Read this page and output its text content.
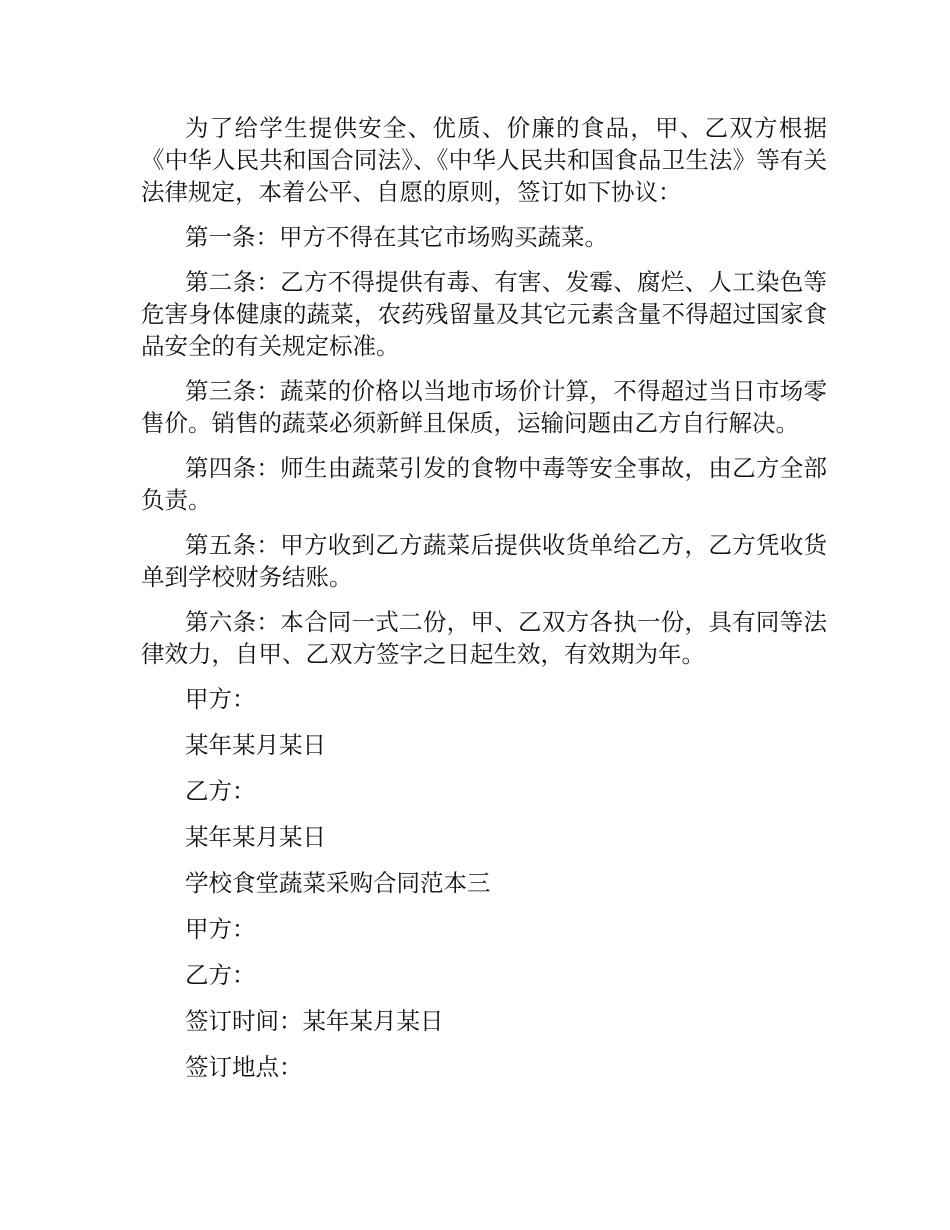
为了给学生提供安全、优质、价廉的食品，甲、乙双方根据《中华人民共和国合同法》、《中华人民共和国食品卫生法》等有关法律规定，本着公平、自愿的原则，签订如下协议：

第一条：甲方不得在其它市场购买蔬菜。

第二条：乙方不得提供有毒、有害、发霉、腐烂、人工染色等危害身体健康的蔬菜，农药残留量及其它元素含量不得超过国家食品安全的有关规定标准。

第三条：蔬菜的价格以当地市场价计算，不得超过当日市场零售价。销售的蔬菜必须新鲜且保质，运输问题由乙方自行解决。

第四条：师生由蔬菜引发的食物中毒等安全事故，由乙方全部负责。

第五条：甲方收到乙方蔬菜后提供收货单给乙方，乙方凭收货单到学校财务结账。

第六条：本合同一式二份，甲、乙双方各执一份，具有同等法律效力，自甲、乙双方签字之日起生效，有效期为年。

甲方：
某年某月某日
乙方：
某年某月某日
学校食堂蔬菜采购合同范本三
甲方：
乙方：
签订时间：某年某月某日
签订地点：
